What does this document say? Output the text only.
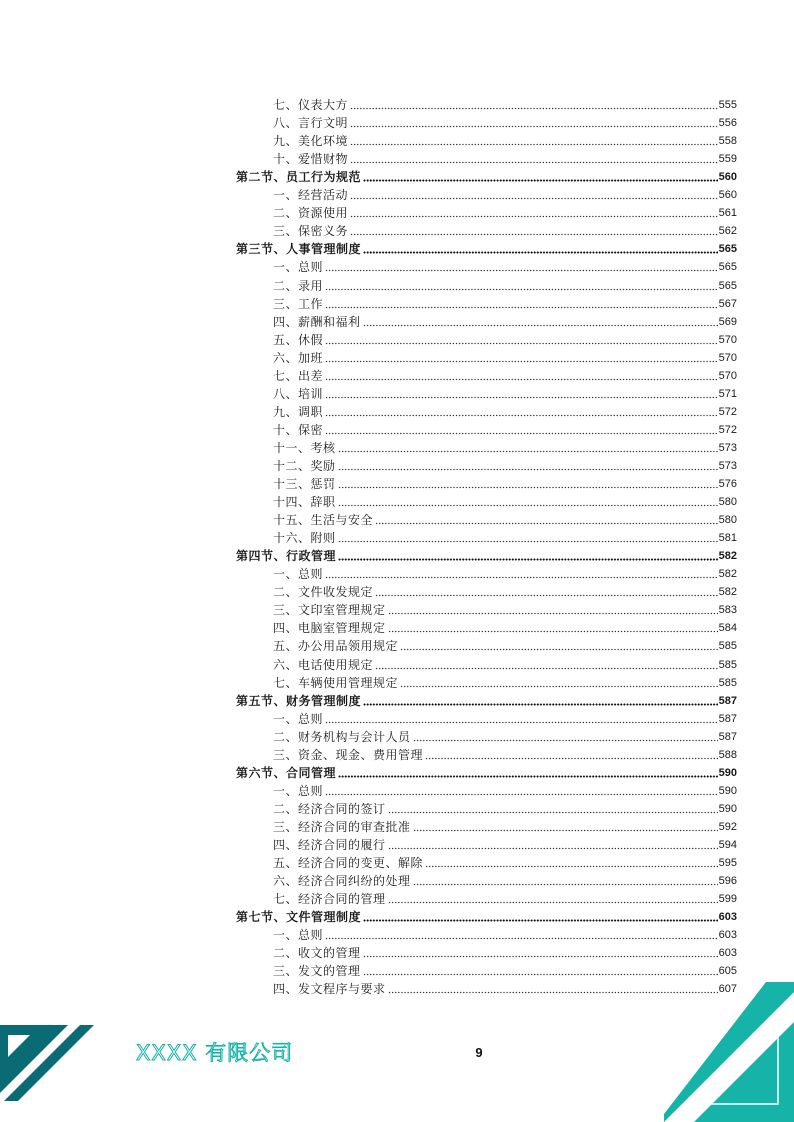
七、仪表大方	555
八、言行文明	556
九、美化环境	558
十、爱惜财物	559
第二节、员工行为规范	560
一、经营活动	560
二、资源使用	561
三、保密义务	562
第三节、人事管理制度	565
一、总则	565
二、录用	565
三、工作	567
四、薪酬和福利	569
五、休假	570
六、加班	570
七、出差	570
八、培训	571
九、调职	572
十、保密	572
十一、考核	573
十二、奖励	573
十三、惩罚	576
十四、辞职	580
十五、生活与安全	580
十六、附则	581
第四节、行政管理	582
一、总则	582
二、文件收发规定	582
三、文印室管理规定	583
四、电脑室管理规定	584
五、办公用品领用规定	585
六、电话使用规定	585
七、车辆使用管理规定	585
第五节、财务管理制度	587
一、总则	587
二、财务机构与会计人员	587
三、资金、现金、费用管理	588
第六节、合同管理	590
一、总则	590
二、经济合同的签订	590
三、经济合同的审查批准	592
四、经济合同的履行	594
五、经济合同的变更、解除	595
六、经济合同纠纷的处理	596
七、经济合同的管理	599
第七节、文件管理制度	603
一、总则	603
二、收文的管理	603
三、发文的管理	605
四、发文程序与要求	607
XXXX 有限公司	9
